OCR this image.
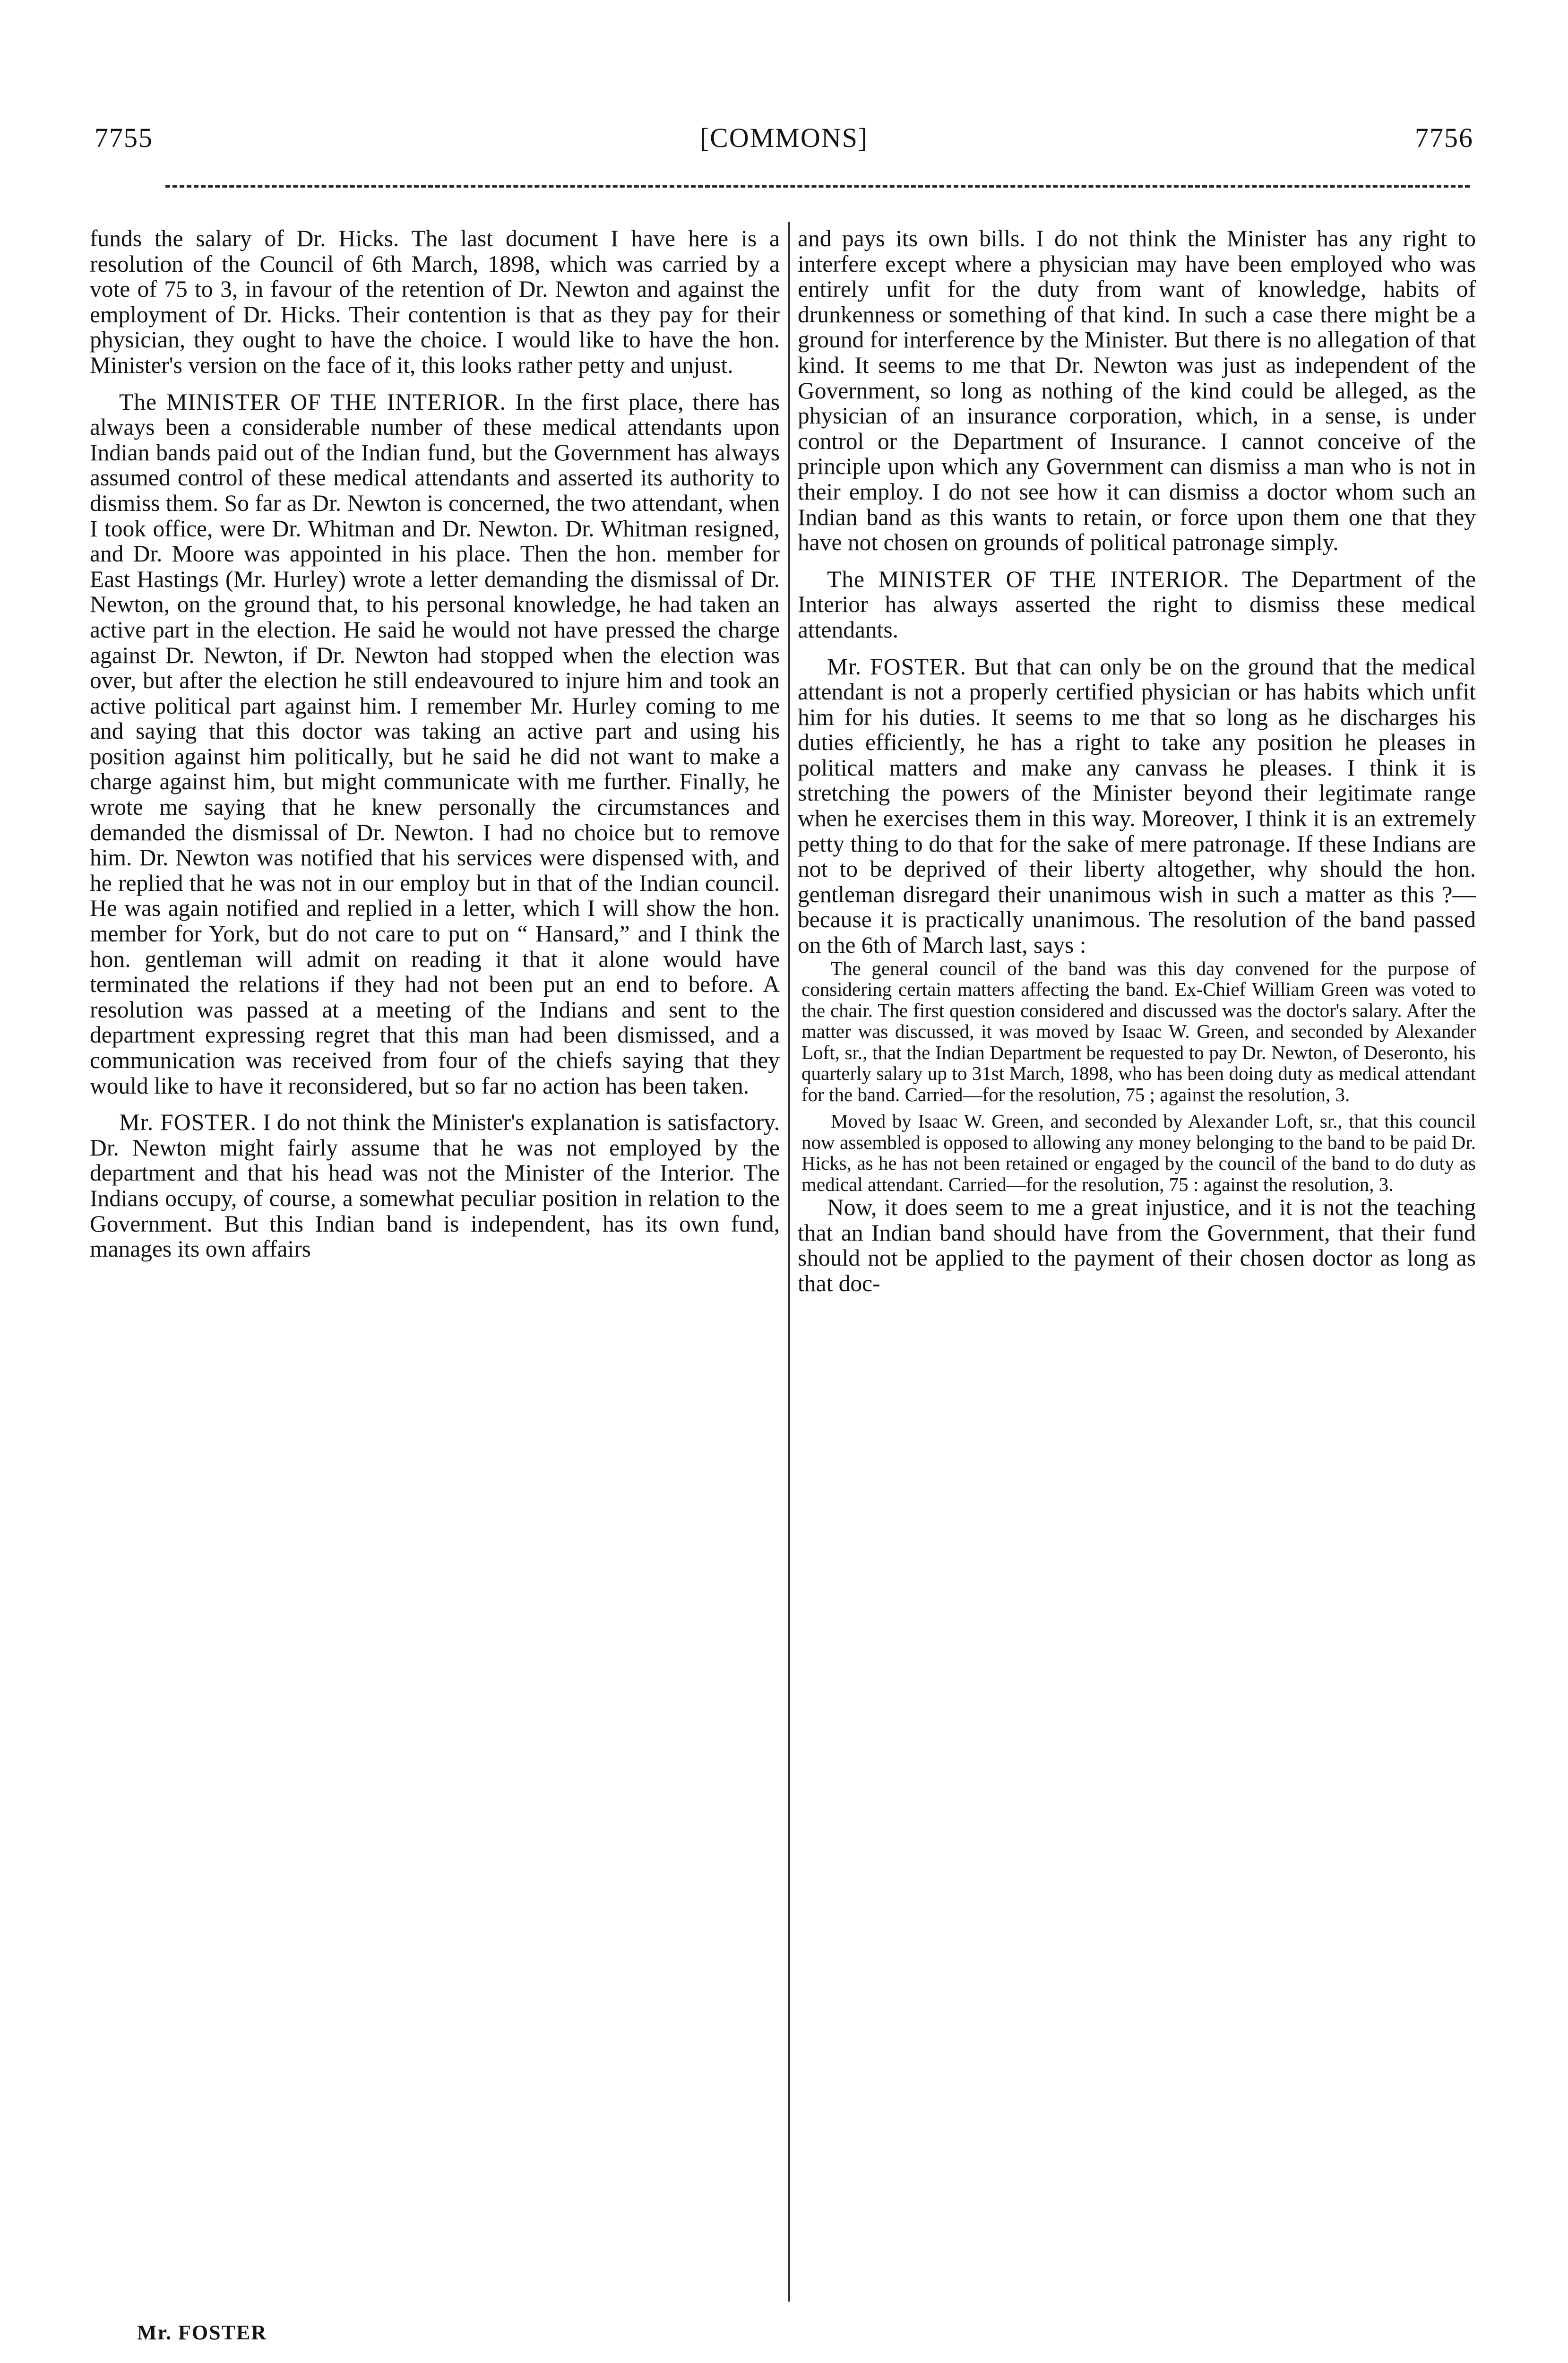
7755	[COMMONS]	7756

funds the salary of Dr. Hicks. The last document I have here is a resolution of the Council of 6th March, 1898, which was carried by a vote of 75 to 3, in favour of the retention of Dr. Newton and against the employment of Dr. Hicks. Their contention is that as they pay for their physician, they ought to have the choice. I would like to have the hon. Minister's version on the face of it, this looks rather petty and unjust.

The MINISTER OF THE INTERIOR. In the first place, there has always been a considerable number of these medical attendants upon Indian bands paid out of the Indian fund, but the Government has always assumed control of these medical attendants and asserted its authority to dismiss them. So far as Dr. Newton is concerned, the two attendant, when I took office, were Dr. Whitman and Dr. Newton. Dr. Whitman resigned, and Dr. Moore was appointed in his place. Then the hon. member for East Hastings (Mr. Hurley) wrote a letter demanding the dismissal of Dr. Newton, on the ground that, to his personal knowledge, he had taken an active part in the election. He said he would not have pressed the charge against Dr. Newton, if Dr. Newton had stopped when the election was over, but after the election he still endeavoured to injure him and took an active political part against him. I remember Mr. Hurley coming to me and saying that this doctor was taking an active part and using his position against him politically, but he said he did not want to make a charge against him, but might communicate with me further. Finally, he wrote me saying that he knew personally the circumstances and demanded the dismissal of Dr. Newton. I had no choice but to remove him. Dr. Newton was notified that his services were dispensed with, and he replied that he was not in our employ but in that of the Indian council. He was again notified and replied in a letter, which I will show the hon. member for York, but do not care to put on “ Hansard,” and I think the hon. gentleman will admit on reading it that it alone would have terminated the relations if they had not been put an end to before. A resolution was passed at a meeting of the Indians and sent to the department expressing regret that this man had been dismissed, and a communication was received from four of the chiefs saying that they would like to have it reconsidered, but so far no action has been taken.

Mr. FOSTER. I do not think the Minister's explanation is satisfactory. Dr. Newton might fairly assume that he was not employed by the department and that his head was not the Minister of the Interior. The Indians occupy, of course, a somewhat peculiar position in relation to the Government. But this Indian band is independent, has its own fund, manages its own affairs

and pays its own bills. I do not think the Minister has any right to interfere except where a physician may have been employed who was entirely unfit for the duty from want of knowledge, habits of drunkenness or something of that kind. In such a case there might be a ground for interference by the Minister. But there is no allegation of that kind. It seems to me that Dr. Newton was just as independent of the Government, so long as nothing of the kind could be alleged, as the physician of an insurance corporation, which, in a sense, is under control or the Department of Insurance. I cannot conceive of the principle upon which any Government can dismiss a man who is not in their employ. I do not see how it can dismiss a doctor whom such an Indian band as this wants to retain, or force upon them one that they have not chosen on grounds of political patronage simply.

The MINISTER OF THE INTERIOR. The Department of the Interior has always asserted the right to dismiss these medical attendants.

Mr. FOSTER. But that can only be on the ground that the medical attendant is not a properly certified physician or has habits which unfit him for his duties. It seems to me that so long as he discharges his duties efficiently, he has a right to take any position he pleases in political matters and make any canvass he pleases. I think it is stretching the powers of the Minister beyond their legitimate range when he exercises them in this way. Moreover, I think it is an extremely petty thing to do that for the sake of mere patronage. If these Indians are not to be deprived of their liberty altogether, why should the hon. gentleman disregard their unanimous wish in such a matter as this ?—because it is practically unanimous. The resolution of the band passed on the 6th of March last, says :

The general council of the band was this day convened for the purpose of considering certain matters affecting the band. Ex-Chief William Green was voted to the chair. The first question considered and discussed was the doctor's salary. After the matter was discussed, it was moved by Isaac W. Green, and seconded by Alexander Loft, sr., that the Indian Department be requested to pay Dr. Newton, of Deseronto, his quarterly salary up to 31st March, 1898, who has been doing duty as medical attendant for the band. Carried—for the resolution, 75 ; against the resolution, 3.

Moved by Isaac W. Green, and seconded by Alexander Loft, sr., that this council now assembled is opposed to allowing any money belonging to the band to be paid Dr. Hicks, as he has not been retained or engaged by the council of the band to do duty as medical attendant. Carried—for the resolution, 75 : against the resolution, 3.

Now, it does seem to me a great injustice, and it is not the teaching that an Indian band should have from the Government, that their fund should not be applied to the payment of their chosen doctor as long as that doc-

Mr. FOSTER
